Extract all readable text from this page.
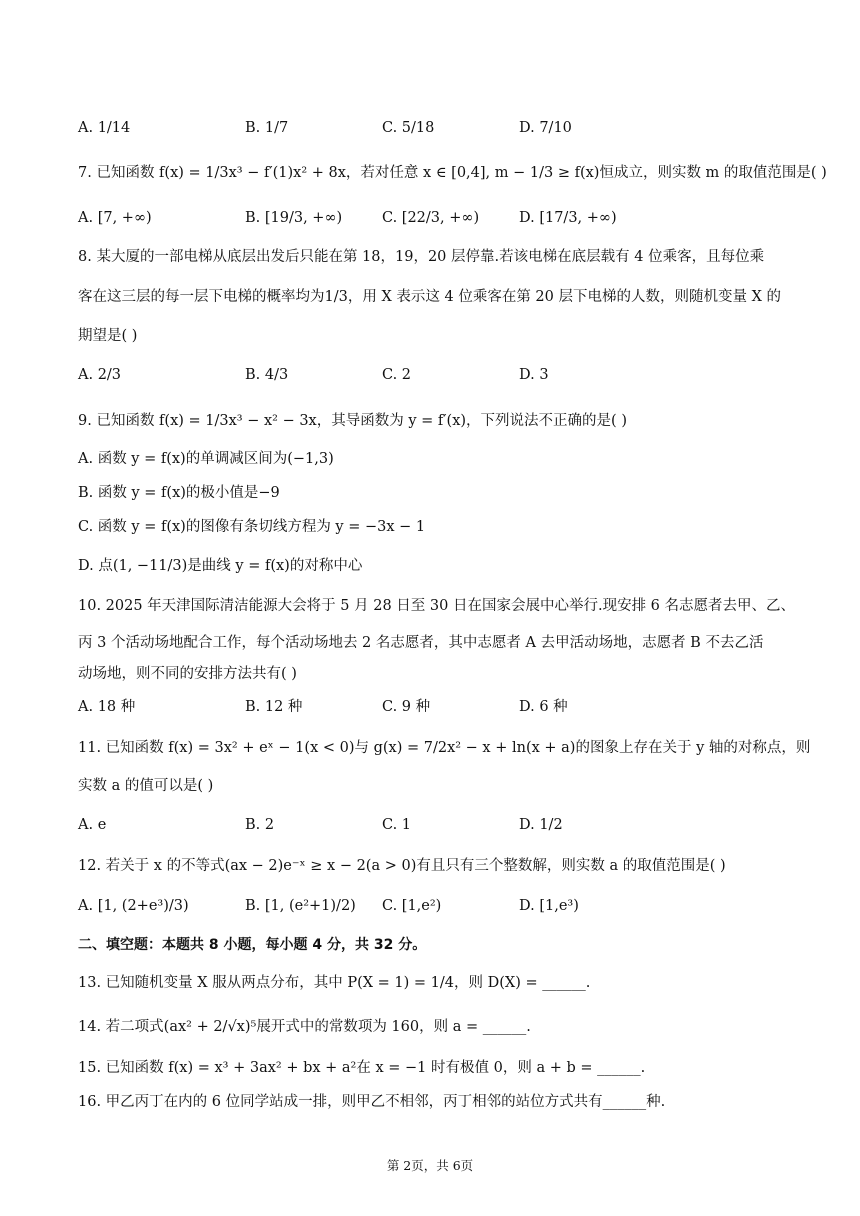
A. 1/14	B. 1/7	C. 5/18	D. 7/10
7. 已知函数 f(x) = 1/3x³ − f′(1)x² + 8x，若对任意 x ∈ [0,4], m − 1/3 ≥ f(x)恒成立，则实数 m 的取值范围是( )
A. [7, +∞)	B. [19/3, +∞)	C. [22/3, +∞)	D. [17/3, +∞)
8. 某大厦的一部电梯从底层出发后只能在第 18，19，20 层停靠.若该电梯在底层载有 4 位乘客，且每位乘
客在这三层的每一层下电梯的概率均为1/3，用 X 表示这 4 位乘客在第 20 层下电梯的人数，则随机变量 X 的
期望是( )
A. 2/3	B. 4/3	C. 2	D. 3
9. 已知函数 f(x) = 1/3x³ − x² − 3x，其导函数为 y = f′(x)，下列说法不正确的是( )
A. 函数 y = f(x)的单调减区间为(−1,3)
B. 函数 y = f(x)的极小值是−9
C. 函数 y = f(x)的图像有条切线方程为 y = −3x − 1
D. 点(1, −11/3)是曲线 y = f(x)的对称中心
10. 2025 年天津国际清洁能源大会将于 5 月 28 日至 30 日在国家会展中心举行.现安排 6 名志愿者去甲、乙、
丙 3 个活动场地配合工作，每个活动场地去 2 名志愿者，其中志愿者 A 去甲活动场地，志愿者 B 不去乙活
动场地，则不同的安排方法共有( )
A. 18 种	B. 12 种	C. 9 种	D. 6 种
11. 已知函数 f(x) = 3x² + eˣ − 1(x < 0)与 g(x) = 7/2x² − x + ln(x + a)的图象上存在关于 y 轴的对称点，则
实数 a 的值可以是( )
A. e	B. 2	C. 1	D. 1/2
12. 若关于 x 的不等式(ax − 2)e⁻ˣ ≥ x − 2(a > 0)有且只有三个整数解，则实数 a 的取值范围是( )
A. [1, (2+e³)/3)	B. [1, (e²+1)/2) C. [1,e²)	D. [1,e³)
二、填空题：本题共 8 小题，每小题 4 分，共 32 分。
13. 已知随机变量 X 服从两点分布，其中 P(X = 1) = 1/4，则 D(X) = ______.
14. 若二项式(ax² + 2/√x)⁵展开式中的常数项为 160，则 a = ______.
15. 已知函数 f(x) = x³ + 3ax² + bx + a²在 x = −1 时有极值 0，则 a + b = ______.
16. 甲乙丙丁在内的 6 位同学站成一排，则甲乙不相邻，丙丁相邻的站位方式共有______种.
第 2页，共 6页
